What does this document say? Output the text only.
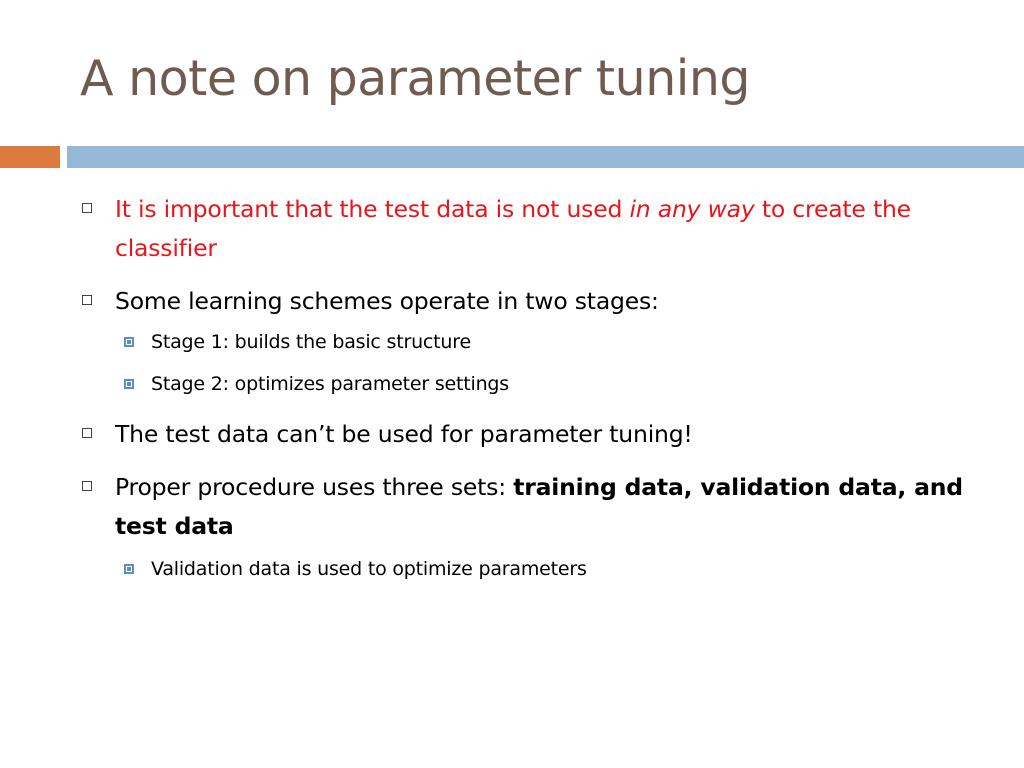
A note on parameter tuning
It is important that the test data is not used in any way to create the classifier
Some learning schemes operate in two stages:
Stage 1: builds the basic structure
Stage 2: optimizes parameter settings
The test data can’t be used for parameter tuning!
Proper procedure uses three sets: training data, validation data, and test data
Validation data is used to optimize parameters
